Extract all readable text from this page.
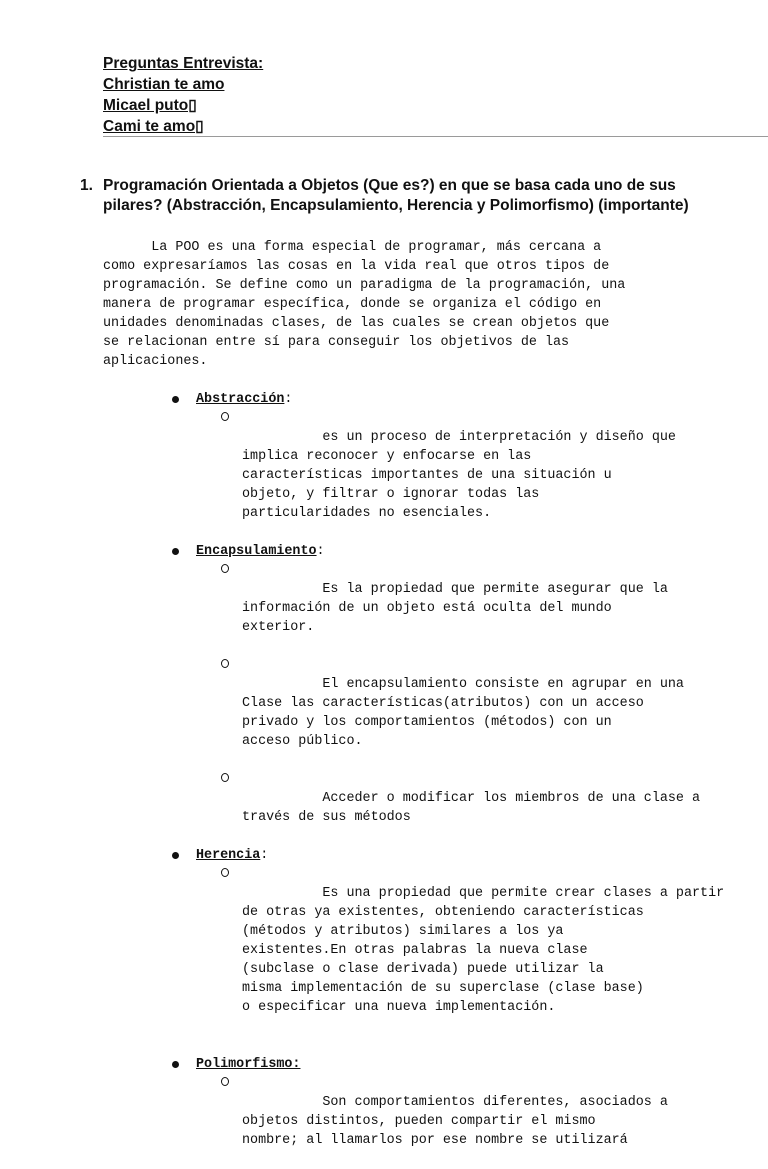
Preguntas Entrevista:
Christian te amo
Micael puto▯
Cami te amo▯
1. Programación Orientada a Objetos (Que es?) en que se basa cada uno de sus pilares? (Abstracción, Encapsulamiento, Herencia y Polimorfismo) (importante)
La POO es una forma especial de programar, más cercana a
como expresaríamos las cosas en la vida real que otros tipos de
programación. Se define como un paradigma de la programación, una
manera de programar específica, donde se organiza el código en
unidades denominadas clases, de las cuales se crean objetos que
se relacionan entre sí para conseguir los objetivos de las
aplicaciones.
Abstracción:

es un proceso de interpretación y diseño que
implica reconocer y enfocarse en las
características importantes de una situación u
objeto, y filtrar o ignorar todas las
particularidades no esenciales.

Encapsulamiento:

Es la propiedad que permite asegurar que la
información de un objeto está oculta del mundo
exterior.

El encapsulamiento consiste en agrupar en una
Clase las características(atributos) con un acceso
privado y los comportamientos (métodos) con un
acceso público.

Acceder o modificar los miembros de una clase a
través de sus métodos

Herencia:

Es una propiedad que permite crear clases a partir
de otras ya existentes, obteniendo características
(métodos y atributos) similares a los ya
existentes.En otras palabras la nueva clase
(subclase o clase derivada) puede utilizar la
misma implementación de su superclase (clase base)
o especificar una nueva implementación.

Polimorfismo:

Son comportamientos diferentes, asociados a
objetos distintos, pueden compartir el mismo
nombre; al llamarlos por ese nombre se utilizará
